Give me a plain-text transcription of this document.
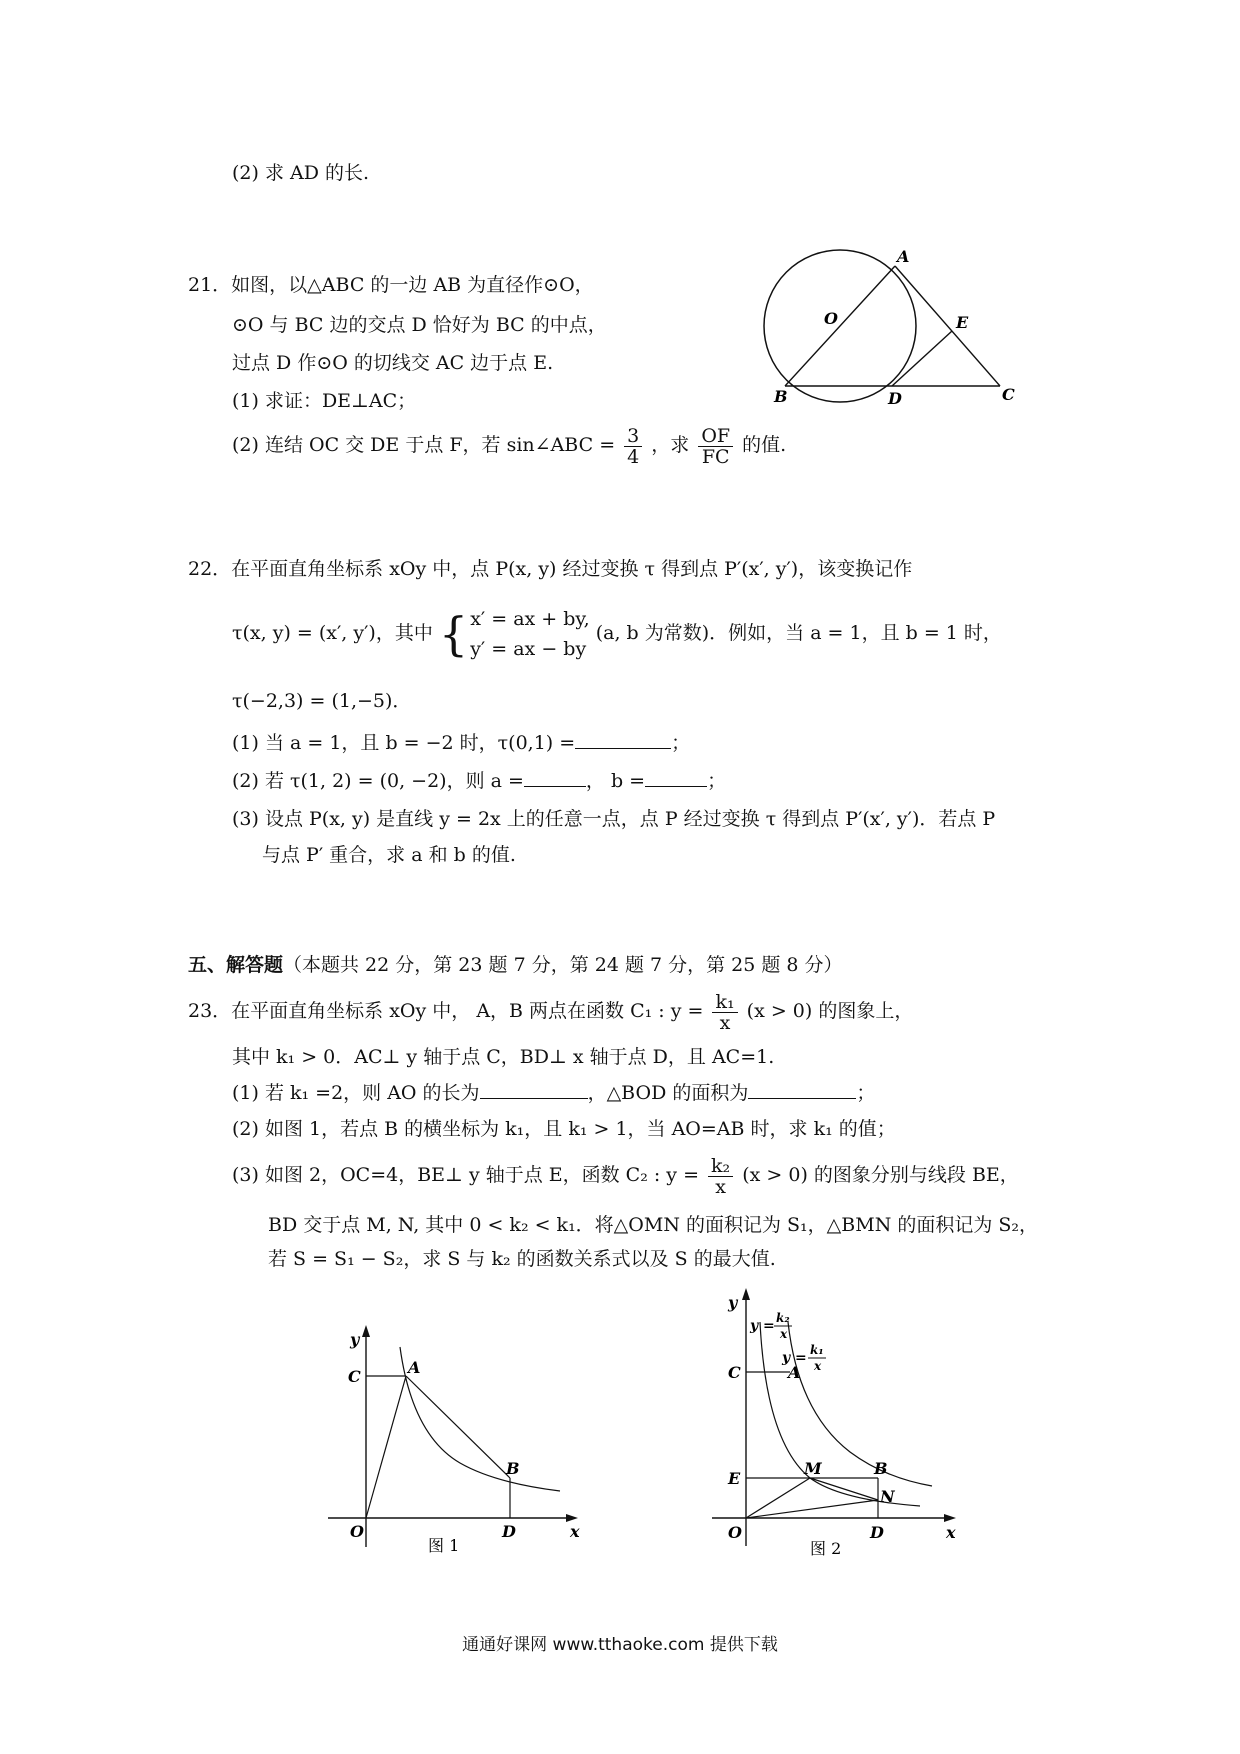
(2) 求 AD 的长.
21．如图，以△ABC 的一边 AB 为直径作⊙O，
⊙O 与 BC 边的交点 D 恰好为 BC 的中点，
过点 D 作⊙O 的切线交 AC 边于点 E.
(1) 求证：DE⊥AC；
(2) 连结 OC 交 DE 于点 F，若 sin∠ABC = $\frac{3}{4}$ ，求 $\frac{OF}{FC}$ 的值.
A
O	E
B	D	C
22．在平面直角坐标系 xOy 中，点 P(x, y) 经过变换 τ 得到点 P′(x′, y′)，该变换记作
τ(x, y) = (x′, y′)，其中 { x′ = ax + by,
y′ = ax − by
(a, b 为常数)．例如，当 a = 1，且 b = 1 时，
τ(−2,3) = (1,−5)．
(1) 当 a = 1，且 b = −2 时，τ(0,1) =	；
(2) 若 τ(1, 2) = (0, −2)，则 a =	， b =	；
(3) 设点 P(x, y) 是直线 y = 2x 上的任意一点，点 P 经过变换 τ 得到点 P′(x′, y′)．若点 P
与点 P′ 重合，求 a 和 b 的值.
五、解答题（本题共 22 分，第 23 题 7 分，第 24 题 7 分，第 25 题 8 分）
23．在平面直角坐标系 xOy 中， A，B 两点在函数 C₁ : $y = \frac{\text{k₁}}{x} (x > 0)$ 的图象上，
其中 k₁ > 0．AC⊥ y 轴于点 C，BD⊥ x 轴于点 D，且 AC=1.
(1) 若 k₁ =2，则 AO 的长为	，△BOD 的面积为	；
(2) 如图 1，若点 B 的横坐标为 k₁，且 k₁ > 1，当 AO=AB 时，求 k₁ 的值；
(3) 如图 2，OC=4，BE⊥ y 轴于点 E，函数 C₂ : $y = \frac{\text{k₂}}{x} (x > 0)$ 的图象分别与线段 BE，
BD 交于点 M, N, 其中 0 < k₂ < k₁．将△OMN 的面积记为 S₁，△BMN 的面积记为 S₂，
若 S = S₁ − S₂，求 S 与 k₂ 的函数关系式以及 S 的最大值.
y
C	A
B
O	D	x
图 1
y
y = k₂
x
y = k₁
x
C	A
E
M	B
N
O	D	x
图 2
通通好课网 www.tthaoke.com 提供下载
